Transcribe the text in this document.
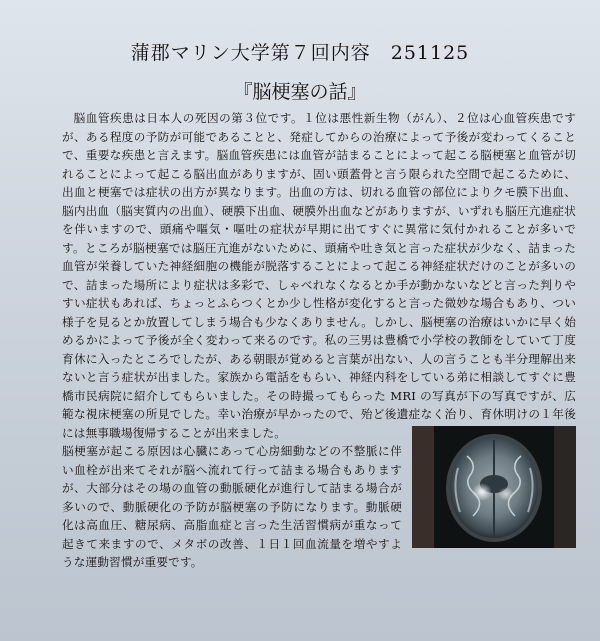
蒲郡マリン大学第７回内容　251125
『脳梗塞の話』
脳血管疾患は日本人の死因の第３位です。１位は悪性新生物（がん）、２位は心血管疾患ですが、ある程度の予防が可能であることと、発症してからの治療によって予後が変わってくることで、重要な疾患と言えます。脳血管疾患には血管が詰まることによって起こる脳梗塞と血管が切れることによって起こる脳出血がありますが、固い頭蓋骨と言う限られた空間で起こるために、出血と梗塞では症状の出方が異なります。出血の方は、切れる血管の部位によりクモ膜下出血、脳内出血（脳実質内の出血）、硬膜下出血、硬膜外出血などがありますが、いずれも脳圧亢進症状を伴いますので、頭痛や嘔気・嘔吐の症状が早期に出てすぐに異常に気付かれることが多いです。ところが脳梗塞では脳圧亢進がないために、頭痛や吐き気と言った症状が少なく、詰まった血管が栄養していた神経細胞の機能が脱落することによって起こる神経症状だけのことが多いので、詰まった場所により症状は多彩で、しゃべれなくなるとか手が動かないなどと言った判りやすい症状もあれば、ちょっとふらつくとか少し性格が変化すると言った微妙な場合もあり、つい様子を見るとか放置してしまう場合も少なくありません。しかし、脳梗塞の治療はいかに早く始めるかによって予後が全く変わって来るのです。私の三男は豊橋で小学校の教師をしていて丁度育休に入ったところでしたが、ある朝眼が覚めると言葉が出ない、人の言うことも半分理解出来ないと言う症状が出ました。家族から電話をもらい、神経内科をしている弟に相談してすぐに豊橋市民病院に紹介してもらいました。その時撮ってもらった MRI の写真が下の写真ですが、広範な視床梗塞の所見でした。幸い治療が早かったので、殆ど後遺症なく治り、育休明けの１年後には無事職場復帰することが出来ました。

脳梗塞が起こる原因は心臓にあって心房細動などの不整脈に伴い血栓が出来てそれが脳へ流れて行って詰まる場合もありますが、大部分はその場の血管の動脈硬化が進行して詰まる場合が多いので、動脈硬化の予防が脳梗塞の予防になります。動脈硬化は高血圧、糖尿病、高脂血症と言った生活習慣病が重なって起きて来ますので、メタボの改善、１日１回血流量を増やすような運動習慣が重要です。
